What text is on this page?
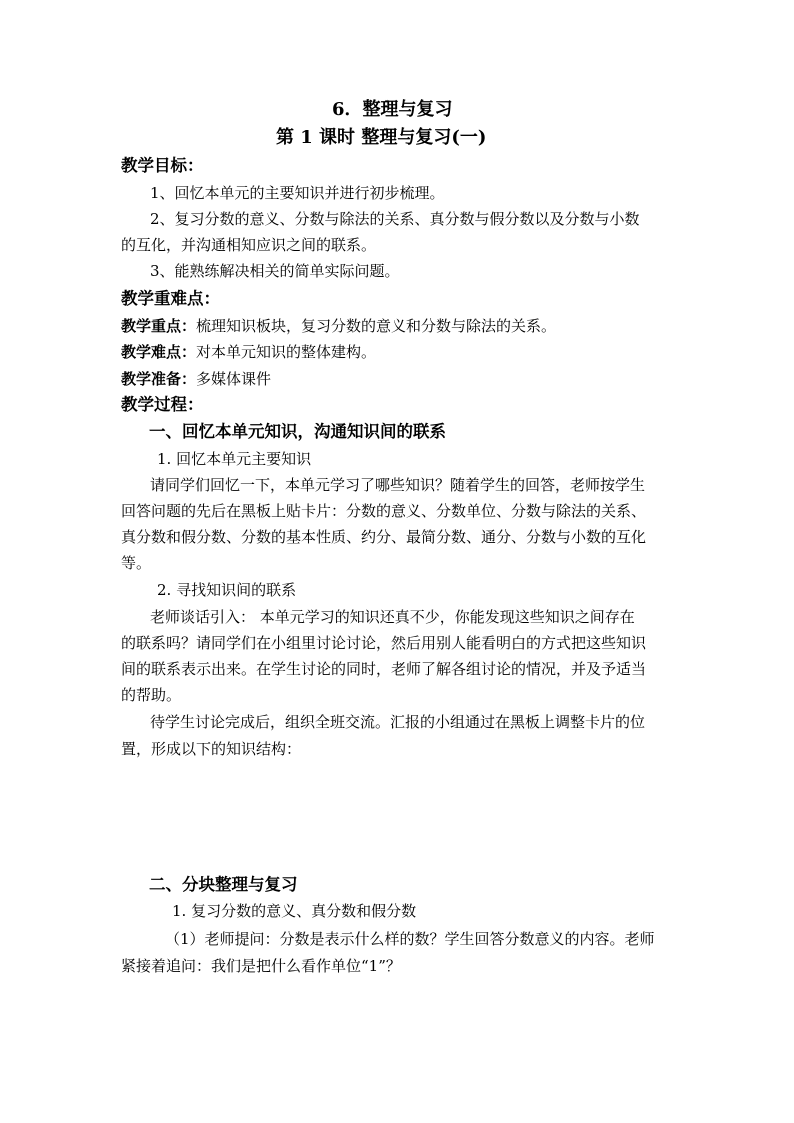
6．整理与复习
第 1 课时 整理与复习(一)
教学目标：
1、回忆本单元的主要知识并进行初步梳理。
2、复习分数的意义、分数与除法的关系、真分数与假分数以及分数与小数
的互化，并沟通相知应识之间的联系。
3、能熟练解决相关的简单实际问题。
教学重难点：
教学重点：梳理知识板块，复习分数的意义和分数与除法的关系。
教学难点：对本单元知识的整体建构。
教学准备：多媒体课件
教学过程：
一、回忆本单元知识，沟通知识间的联系
1. 回忆本单元主要知识
请同学们回忆一下，本单元学习了哪些知识？随着学生的回答，老师按学生
回答问题的先后在黑板上贴卡片：分数的意义、分数单位、分数与除法的关系、
真分数和假分数、分数的基本性质、约分、最简分数、通分、分数与小数的互化
等。
2. 寻找知识间的联系
老师谈话引入： 本单元学习的知识还真不少，你能发现这些知识之间存在
的联系吗？请同学们在小组里讨论讨论，然后用别人能看明白的方式把这些知识
间的联系表示出来。在学生讨论的同时，老师了解各组讨论的情况，并及予适当
的帮助。
待学生讨论完成后，组织全班交流。汇报的小组通过在黑板上调整卡片的位
置，形成以下的知识结构：
二、分块整理与复习
1. 复习分数的意义、真分数和假分数
（1）老师提问：分数是表示什么样的数？学生回答分数意义的内容。老师
紧接着追问：我们是把什么看作单位“1”？
